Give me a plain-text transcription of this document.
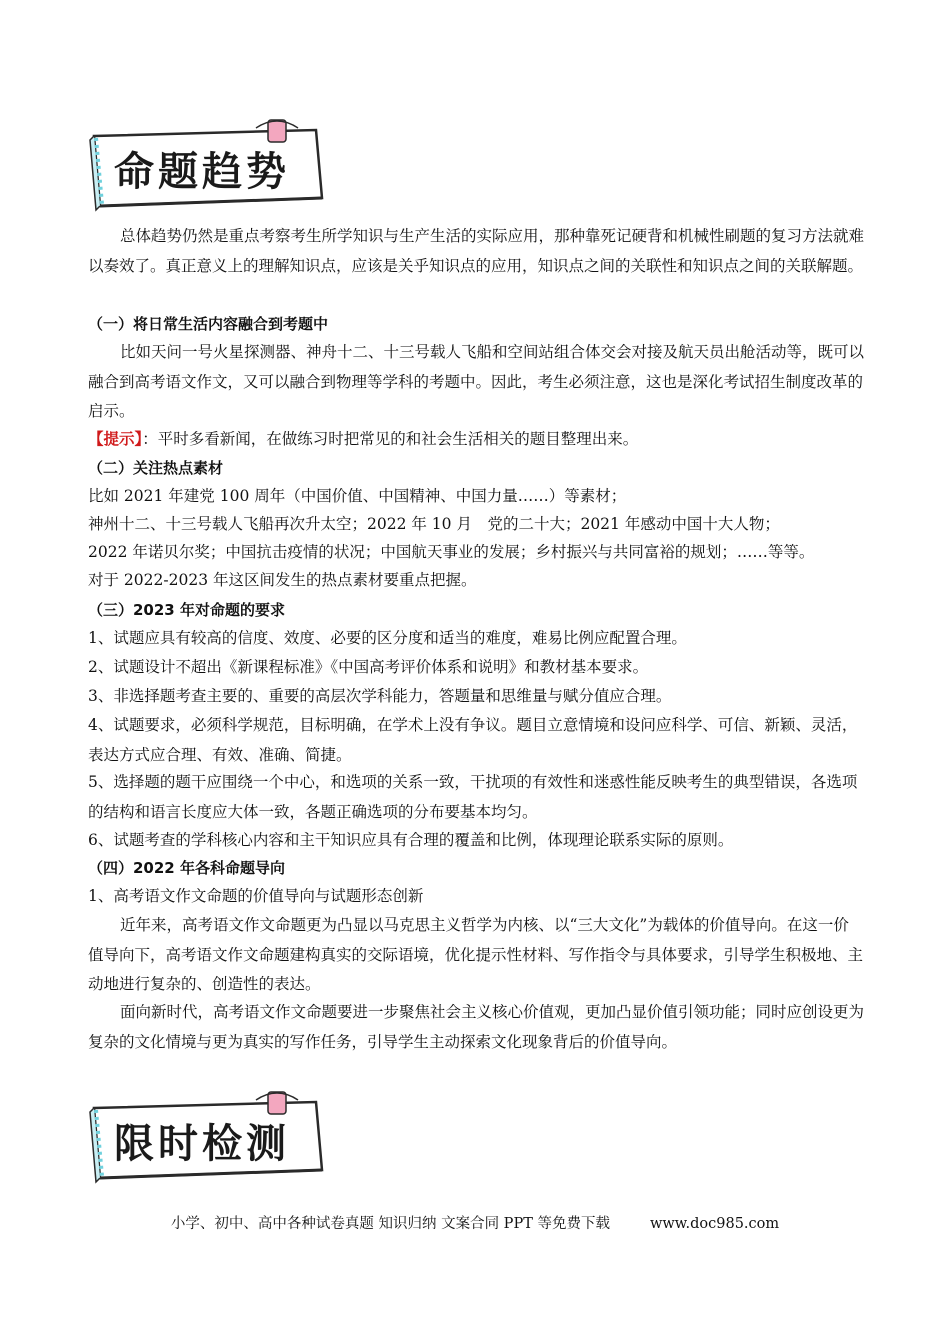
命题趋势

总体趋势仍然是重点考察考生所学知识与生产生活的实际应用，那种靠死记硬背和机械性刷题的复习方法就难以奏效了。真正意义上的理解知识点，应该是关乎知识点的应用，知识点之间的关联性和知识点之间的关联解题。

（一）将日常生活内容融合到考题中

比如天问一号火星探测器、神舟十二、十三号载人飞船和空间站组合体交会对接及航天员出舱活动等，既可以融合到高考语文作文，又可以融合到物理等学科的考题中。因此，考生必须注意，这也是深化考试招生制度改革的启示。

【提示】：平时多看新闻，在做练习时把常见的和社会生活相关的题目整理出来。

（二）关注热点素材

比如 2021 年建党 100 周年（中国价值、中国精神、中国力量……）等素材；

神州十二、十三号载人飞船再次升太空；2022 年 10 月　党的二十大；2021 年感动中国十大人物；

2022 年诺贝尔奖；中国抗击疫情的状况；中国航天事业的发展；乡村振兴与共同富裕的规划；……等等。

对于 2022-2023 年这区间发生的热点素材要重点把握。

（三）2023 年对命题的要求

1、试题应具有较高的信度、效度、必要的区分度和适当的难度，难易比例应配置合理。

2、试题设计不超出《新课程标准》《中国高考评价体系和说明》和教材基本要求。

3、非选择题考查主要的、重要的高层次学科能力，答题量和思维量与赋分值应合理。

4、试题要求，必须科学规范，目标明确，在学术上没有争议。题目立意情境和设问应科学、可信、新颖、灵活，表达方式应合理、有效、准确、简捷。

5、选择题的题干应围绕一个中心，和选项的关系一致，干扰项的有效性和迷惑性能反映考生的典型错误，各选项的结构和语言长度应大体一致，各题正确选项的分布要基本均匀。

6、试题考查的学科核心内容和主干知识应具有合理的覆盖和比例，体现理论联系实际的原则。

（四）2022 年各科命题导向

1、高考语文作文命题的价值导向与试题形态创新

近年来，高考语文作文命题更为凸显以马克思主义哲学为内核、以“三大文化”为载体的价值导向。在这一价值导向下，高考语文作文命题建构真实的交际语境，优化提示性材料、写作指令与具体要求，引导学生积极地、主动地进行复杂的、创造性的表达。

面向新时代，高考语文作文命题要进一步聚焦社会主义核心价值观，更加凸显价值引领功能；同时应创设更为复杂的文化情境与更为真实的写作任务，引导学生主动探索文化现象背后的价值导向。

限时检测
小学、初中、高中各种试卷真题 知识归纳 文案合同 PPT 等免费下载	www.doc985.com
